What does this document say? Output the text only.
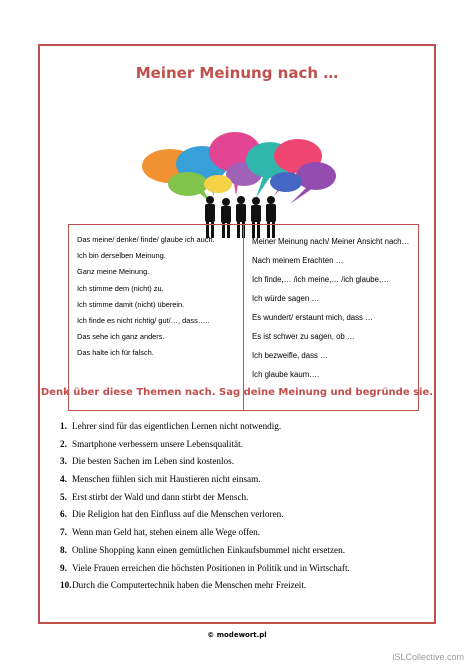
Meiner Meinung nach …
Das meine/ denke/ finde/ glaube ich auch.
Ich bin derselben Meinung.
Ganz meine Meinung.
Ich stimme dem (nicht) zu.
Ich stimme damit (nicht) überein.
Ich finde es nicht richtig/ gut/…, dass…..
Das sehe ich ganz anders.
Das halte ich für falsch.
Meiner Meinung nach/ Meiner Ansicht nach…
Nach meinem Erachten …
Ich finde,… /ich meine,… /ich glaube,…
Ich würde sagen …
Es wundert/ erstaunt mich, dass …
Es ist schwer zu sagen, ob …
Ich bezweifle, dass …
Ich glaube kaum….
Denk über diese Themen nach. Sag deine Meinung und begründe sie.
1. Lehrer sind für das eigentlichen Lernen nicht notwendig.
2. Smartphone verbessern unsere Lebensqualität.
3. Die besten Sachen im Leben sind kostenlos.
4. Menschen fühlen sich mit Haustieren nicht einsam.
5. Erst stirbt der Wald und dann stirbt der Mensch.
6. Die Religion hat den Einfluss auf die Menschen verloren.
7. Wenn man Geld hat, stehen einem alle Wege offen.
8. Online Shopping kann einen gemütlichen Einkaufsbummel nicht ersetzen.
9. Viele Frauen erreichen die höchsten Positionen in Politik und in Wirtschaft.
10.Durch die Computertechnik haben die Menschen mehr Freizeit.
© modewort.pl
iSLCollective.com
